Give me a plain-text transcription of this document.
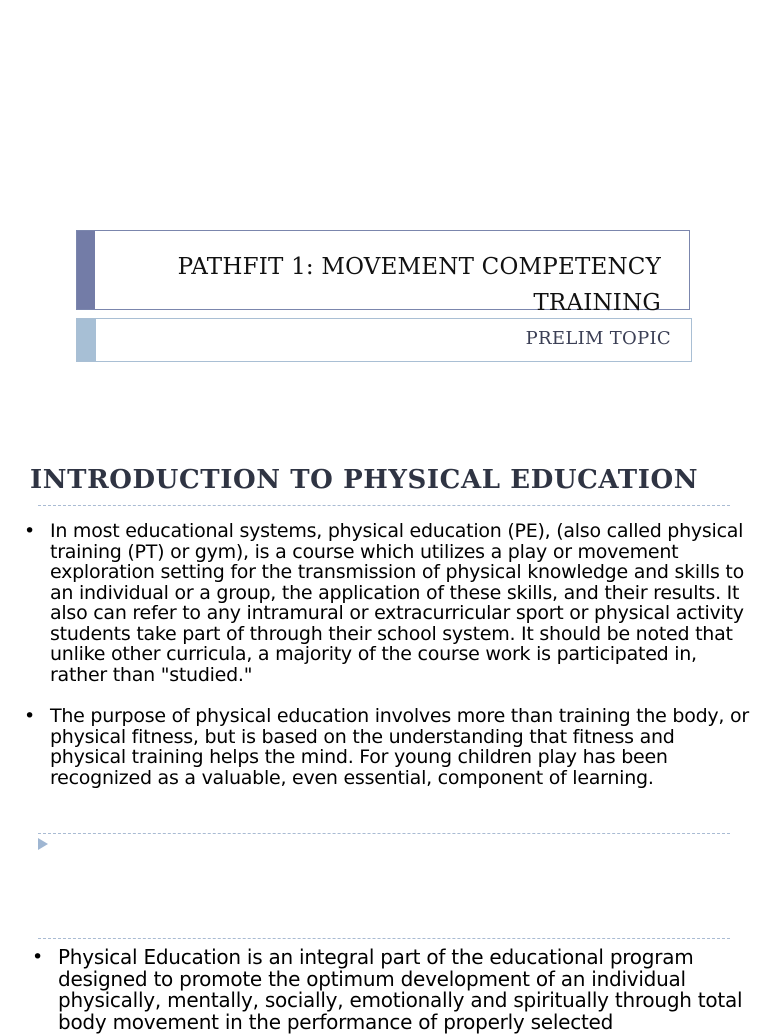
PATHFIT 1: MOVEMENT COMPETENCY
TRAINING
PRELIM TOPIC
INTRODUCTION TO PHYSICAL EDUCATION
• In most educational systems, physical education (PE), (also called physical training (PT) or gym), is a course which utilizes a play or movement exploration setting for the transmission of physical knowledge and skills to an individual or a group, the application of these skills, and their results. It also can refer to any intramural or extracurricular sport or physical activity students take part of through their school system. It should be noted that unlike other curricula, a majority of the course work is participated in, rather than "studied."
• The purpose of physical education involves more than training the body, or physical fitness, but is based on the understanding that fitness and physical training helps the mind. For young children play has been recognized as a valuable, even essential, component of learning.
• Physical Education is an integral part of the educational program designed to promote the optimum development of an individual physically, mentally, socially, emotionally and spiritually through total body movement in the performance of properly selected
